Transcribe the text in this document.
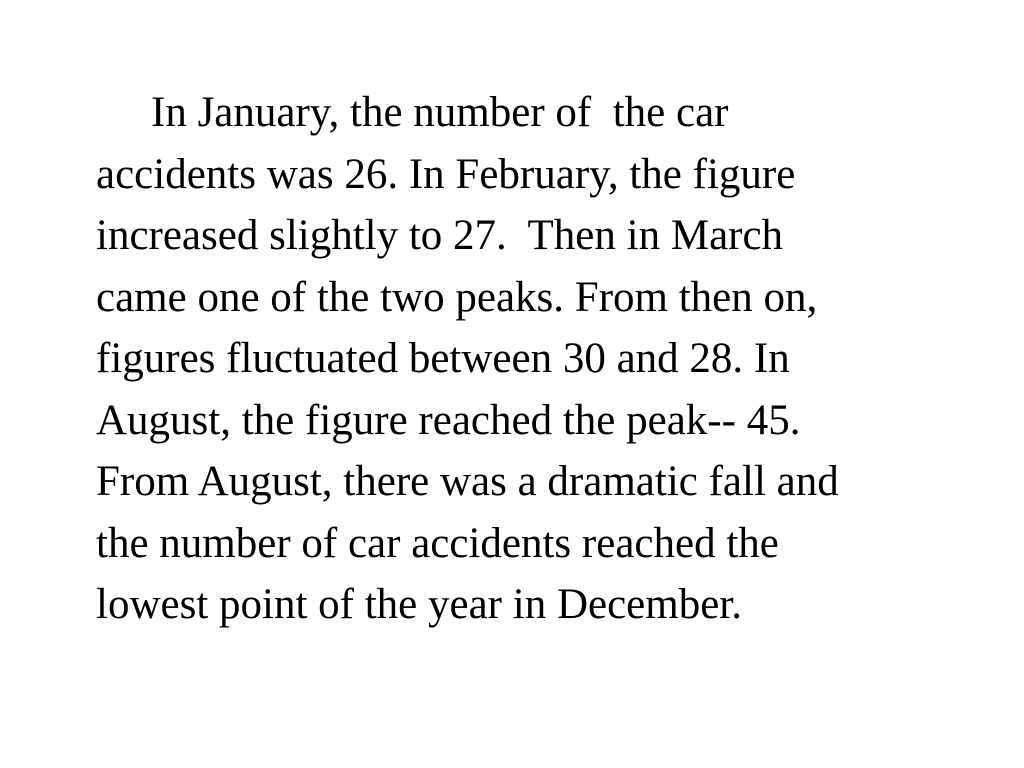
In January, the number of  the car
accidents was 26. In February, the figure
increased slightly to 27.  Then in March
came one of the two peaks. From then on,
figures fluctuated between 30 and 28. In
August, the figure reached the peak-- 45.
From August, there was a dramatic fall and
the number of car accidents reached the
lowest point of the year in December.
